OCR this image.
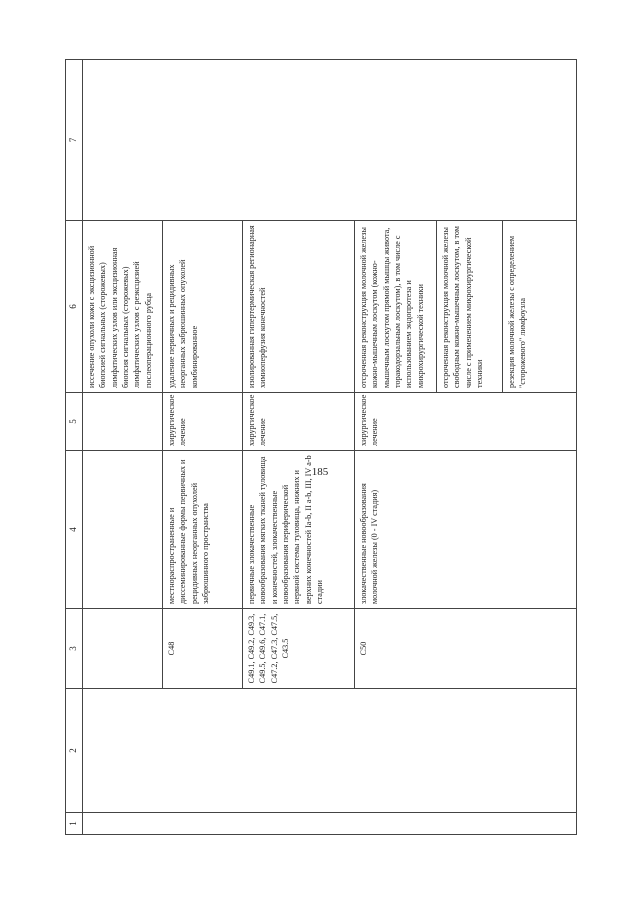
185
1	2	3	4	5	6	7
					иссечение опухоли кожи с эксцизионной биопсией сигнальных (сторожевых) лимфатических узлов или эксцизионная биопсия сигнальных (сторожевых) лимфатических узлов с реэксцизией послеоперационного рубца	
		C48	местнораспространенные и диссеминированные формы первичных и рецидивных неорганных опухолей забрюшинного пространства	хирургическое лечение	удаление первичных и рецидивных неорганных забрюшинных опухолей комбинированное	
		C49.1, C49.2, C49.3, C49.5, C49.6, C47.1, C47.2, C47.3, C47.5, C43.5	первичные злокачественные новообразования мягких тканей туловища и конечностей, злокачественные новообразования периферической нервной системы туловища, нижних и верхних конечностей Ia-b, II a-b, III, IV a-b стадии	хирургическое лечение	изолированная гипертермическая регионарная химиоперфузия конечностей	
		C50	злокачественные новообразования молочной железы (0 - IV стадия)	хирургическое лечение	отсроченная реконструкция молочной железы кожно-мышечным лоскутом (кожно-мышечным лоскутом прямой мышцы живота, торакодорзальным лоскутом), в том числе с использованием эндопротеза и микрохирургической техники	
					отсроченная реконструкция молочной железы свободным кожно-мышечным лоскутом, в том числе с применением микрохирургической техники	
					резекция молочной железы с определением "сторожевого" лимфоузла	
